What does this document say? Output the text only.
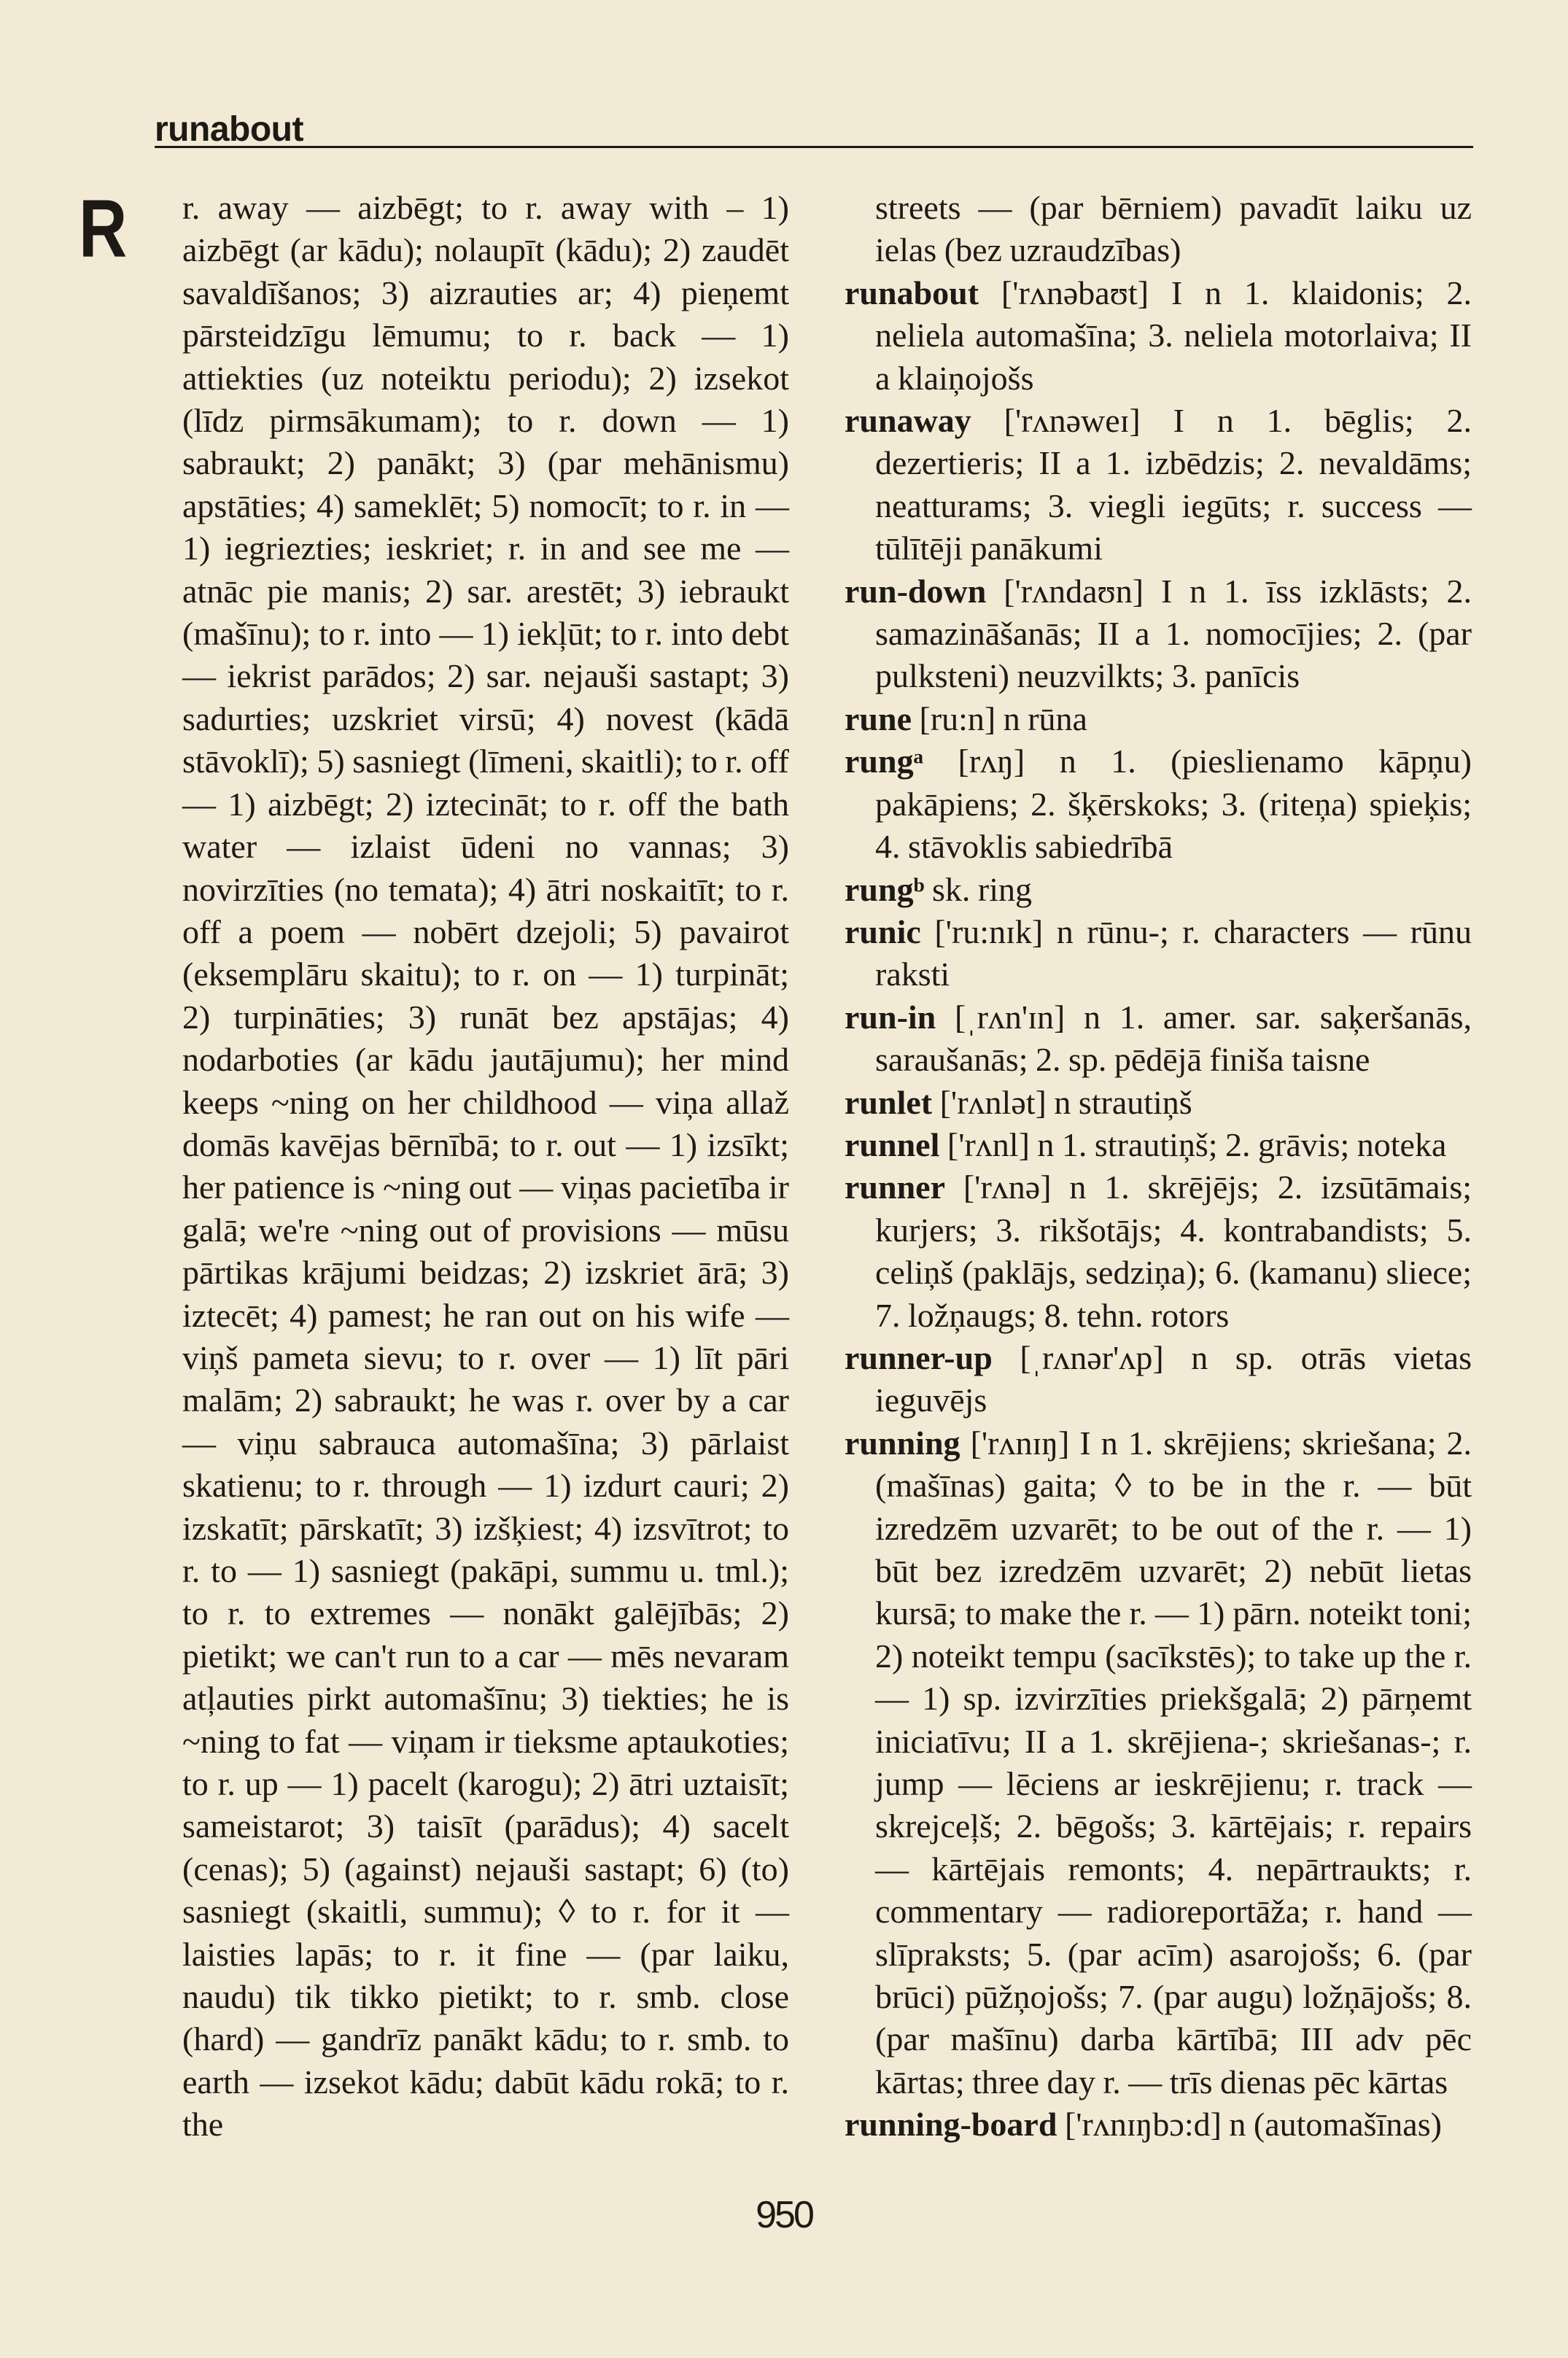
runabout
R r. away — aizbēgt; to r. away with – 1) aizbēgt (ar kādu); nolaupīt (kādu); 2) zaudēt savaldīšanos; 3) aizrauties ar; 4) pieņemt pārsteidzīgu lēmumu; to r. back — 1) attiekties (uz noteiktu periodu); 2) izsekot (līdz pirmsākumam); to r. down — 1) sabraukt; 2) panākt; 3) (par mehānismu) apstāties; 4) sameklēt; 5) nomocīt; to r. in — 1) iegriezties; ieskriet; r. in and see me — atnāc pie manis; 2) sar. arestēt; 3) iebraukt (mašīnu); to r. into — 1) iekļūt; to r. into debt — iekrist parādos; 2) sar. nejauši sastapt; 3) sadurties; uzskriet virsū; 4) novest (kādā stāvoklī); 5) sasniegt (līmeni, skaitli); to r. off — 1) aizbēgt; 2) iztecināt; to r. off the bath water — izlaist ūdeni no vannas; 3) novirzīties (no temata); 4) ātri noskaitīt; to r. off a poem — nobērt dzejoli; 5) pavairot (eksemplāru skaitu); to r. on — 1) turpināt; 2) turpināties; 3) runāt bez apstājas; 4) nodarboties (ar kādu jautājumu); her mind keeps ~ning on her childhood — viņa allaž domās kavējas bērnībā; to r. out — 1) izsīkt; her patience is ~ning out — viņas pacietība ir galā; we're ~ning out of provisions — mūsu pārtikas krājumi beidzas; 2) izskriet ārā; 3) iztecēt; 4) pamest; he ran out on his wife — viņš pameta sievu; to r. over — 1) līt pāri malām; 2) sabraukt; he was r. over by a car — viņu sabrauca automašīna; 3) pārlaist skatienu; to r. through — 1) izdurt cauri; 2) izskatīt; pārskatīt; 3) izšķiest; 4) izsvītrot; to r. to — 1) sasniegt (pakāpi, summu u. tml.); to r. to extremes — nonākt galējībās; 2) pietikt; we can't run to a car — mēs nevaram atļauties pirkt automašīnu; 3) tiekties; he is ~ning to fat — viņam ir tieksme aptaukoties; to r. up — 1) pacelt (karogu); 2) ātri uztaisīt; sameistarot; 3) taisīt (parādus); 4) sacelt (cenas); 5) (against) nejauši sastapt; 6) (to) sasniegt (skaitli, summu); ◊ to r. for it — laisties lapās; to r. it fine — (par laiku, naudu) tik tikko pietikt; to r. smb. close (hard) — gandrīz panākt kādu; to r. smb. to earth — izsekot kādu; dabūt kādu rokā; to r. the

streets — (par bērniem) pavadīt laiku uz ielas (bez uzraudzības)

runabout ['rʌnəbaʊt] I n 1. klaidonis; 2. neliela automašīna; 3. neliela motorlaiva; II a klaiņojošs

runaway ['rʌnəweɪ] I n 1. bēglis; 2. dezertieris; II a 1. izbēdzis; 2. nevaldāms; neatturams; 3. viegli iegūts; r. success — tūlītēji panākumi

run-down ['rʌndaʊn] I n 1. īss izklāsts; 2. samazināšanās; II a 1. nomocījies; 2. (par pulksteni) neuzvilkts; 3. panīcis

rune [ru:n] n rūna

rungᵃ [rʌŋ] n 1. (pieslienamo kāpņu) pakāpiens; 2. šķērskoks; 3. (riteņa) spieķis; 4. stāvoklis sabiedrībā

rungᵇ sk. ring

runic ['ru:nɪk] n rūnu-; r. characters — rūnu raksti

run-in [ˌrʌn'ɪn] n 1. amer. sar. saķeršanās, saraušanās; 2. sp. pēdējā finiša taisne

runlet ['rʌnlət] n strautiņš

runnel ['rʌnl] n 1. strautiņš; 2. grāvis; noteka

runner ['rʌnə] n 1. skrējējs; 2. izsūtāmais; kurjers; 3. rikšotājs; 4. kontrabandists; 5. celiņš (paklājs, sedziņa); 6. (kamanu) sliece; 7. ložņaugs; 8. tehn. rotors

runner-up [ˌrʌnər'ʌp] n sp. otrās vietas ieguvējs

running ['rʌnɪŋ] I n 1. skrējiens; skriešana; 2. (mašīnas) gaita; ◊ to be in the r. — būt izredzēm uzvarēt; to be out of the r. — 1) būt bez izredzēm uzvarēt; 2) nebūt lietas kursā; to make the r. — 1) pārn. noteikt toni; 2) noteikt tempu (sacīkstēs); to take up the r. — 1) sp. izvirzīties priekšgalā; 2) pārņemt iniciatīvu; II a 1. skrējiena-; skriešanas-; r. jump — lēciens ar ieskrējienu; r. track — skrejceļš; 2. bēgošs; 3. kārtējais; r. repairs — kārtējais remonts; 4. nepārtraukts; r. commentary — radioreportāža; r. hand — slīpraksts; 5. (par acīm) asarojošs; 6. (par brūci) pūžņojošs; 7. (par augu) ložņājošs; 8. (par mašīnu) darba kārtībā; III adv pēc kārtas; three day r. — trīs dienas pēc kārtas

running-board ['rʌnɪŋbɔ:d] n (automašīnas)

950
